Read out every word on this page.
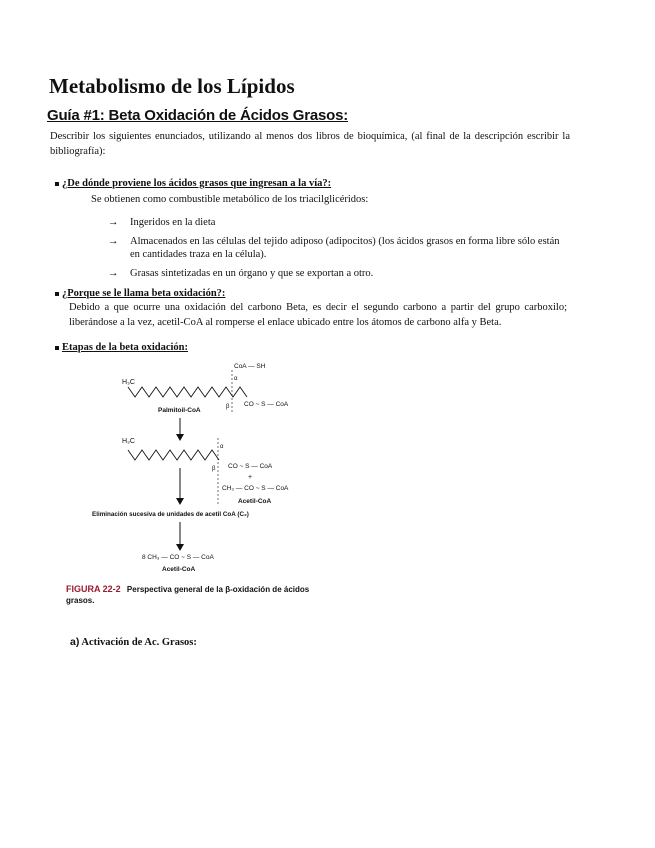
Metabolismo de los Lípidos
Guía #1: Beta Oxidación de Ácidos Grasos:

Describir los siguientes enunciados, utilizando al menos dos libros de bioquímica, (al final de la descripción escribir la bibliografía):

¿De dónde proviene los ácidos grasos que ingresan a la vía?:

Se obtienen como combustible metabólico de los triacilglicéridos:

→ Ingeridos en la dieta
→ Almacenados en las células del tejido adiposo (adipocitos) (los ácidos grasos en forma libre sólo están en cantidades traza en la célula).
→ Grasas sintetizadas en un órgano y que se exportan a otro.
¿Porque se le llama beta oxidación?:

Debido a que ocurre una oxidación del carbono Beta, es decir el segundo carbono a partir del grupo carboxilo; liberándose a la vez, acetil-CoA al romperse el enlace ubicado entre los átomos de carbono alfa y Beta.

Etapas de la beta oxidación:
H₃C
CoA — SH
α
β CO ~ S — CoA
Palmitoil-CoA
H₃C
α
β CO ~ S — CoA
+
CH₃ — CO ~ S — CoA
Acetil-CoA
Eliminación sucesiva de unidades de acetil CoA (C₂)
8 CH₃ — CO ~ S — CoA
Acetil-CoA
FIGURA 22-2 Perspectiva general de la β-oxidación de ácidos grasos.
a) Activación de Ac. Grasos:
